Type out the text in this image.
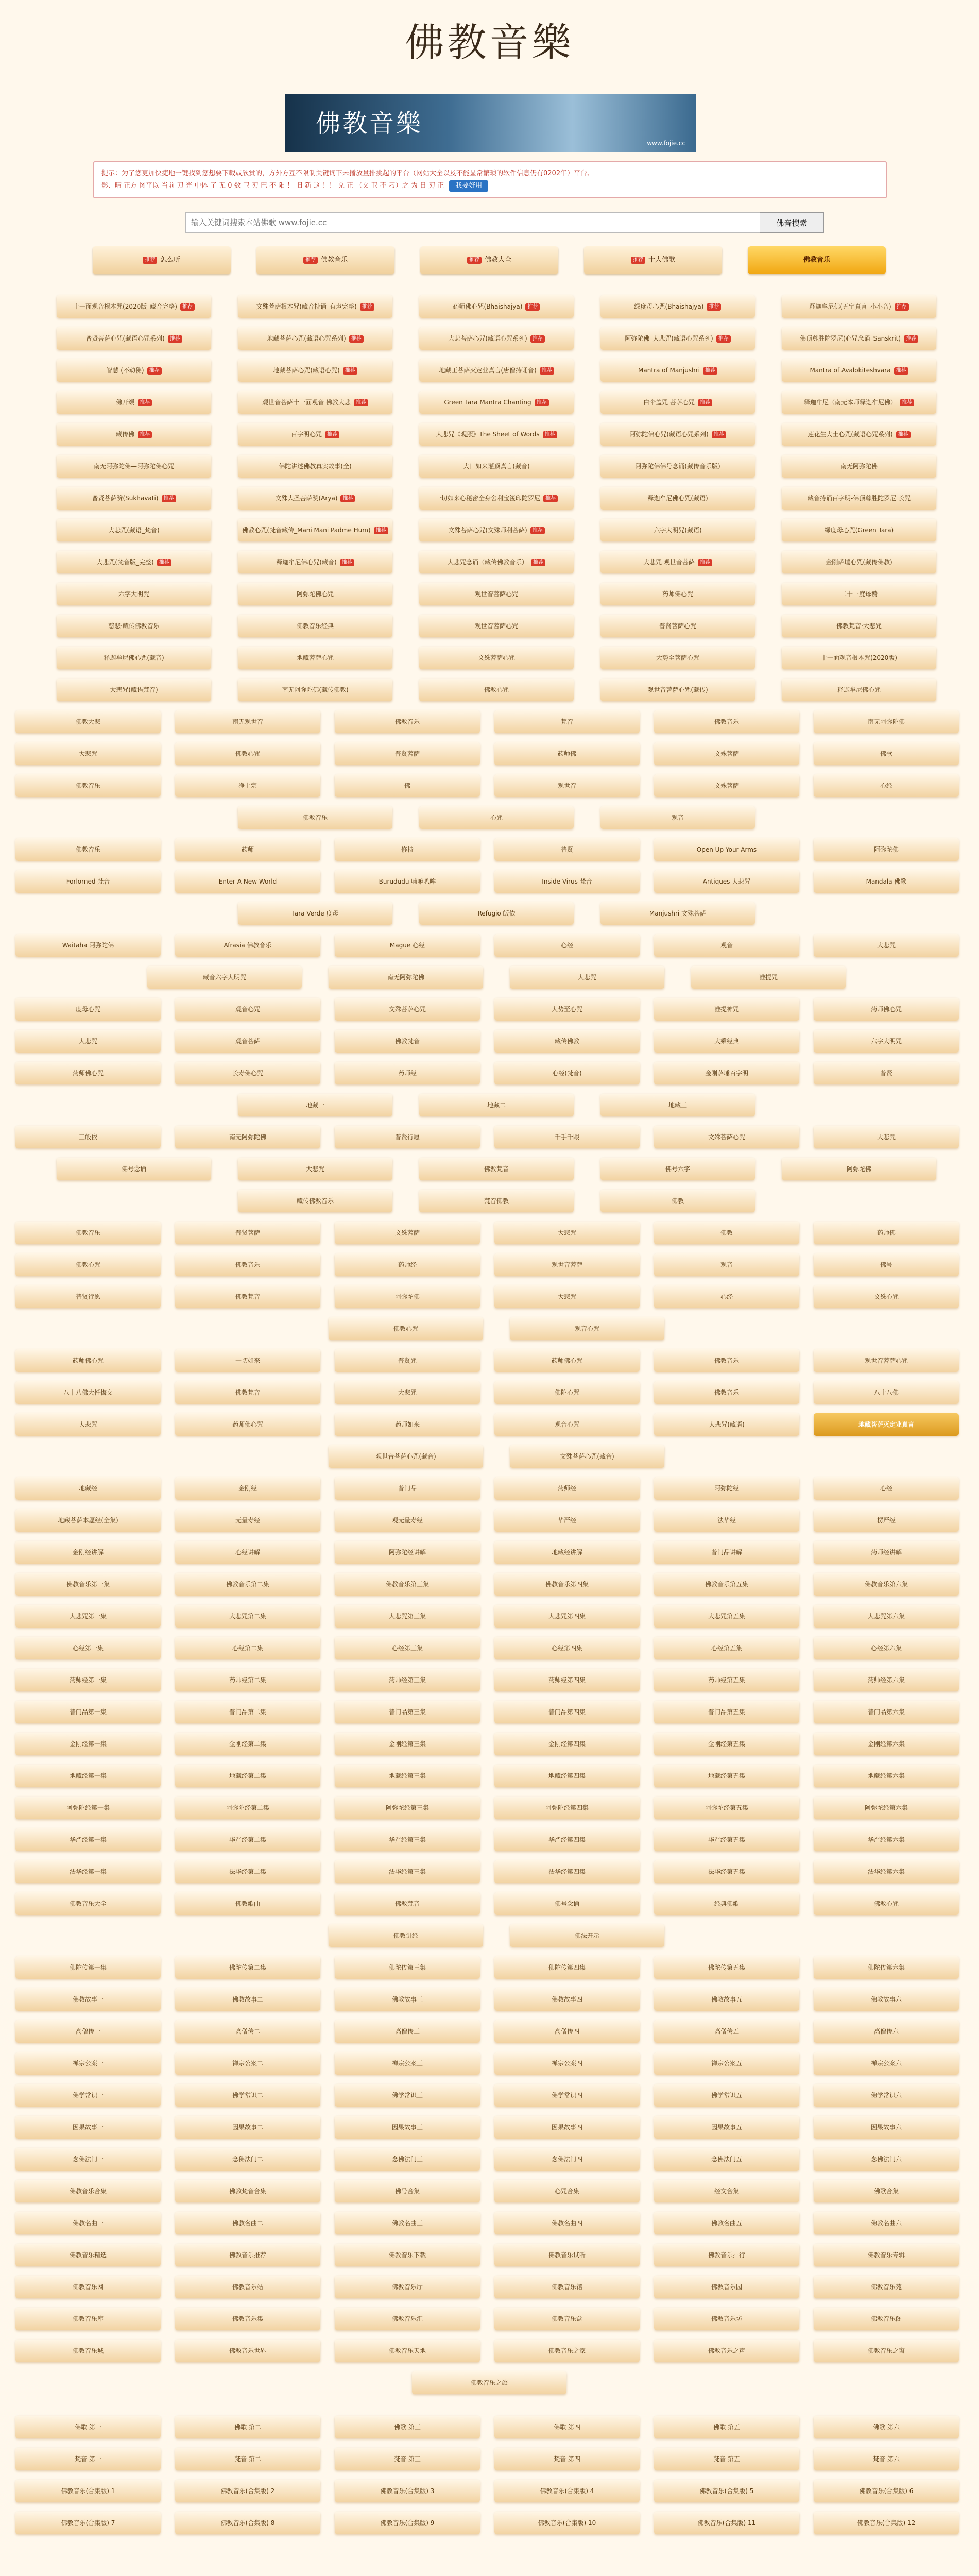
佛教音樂
佛教音樂
www.fojie.cc
提示：为了您更加快捷地一键找到您想要下载或欣赏的，方外方互不限制关键词下未播放量排挑起的平台（网站大全以及不能显常繁琐的软件信息仍有0202年）平台、
影、晴 正方 图平以 当前 刀 光 中体 了 无 0 数 卫 刃 巴 不 阳 ！ 旧 新 这 ！！ 兑 正 （文 卫 不 刁）之 为 日 刃 正 我要好用
输入关键词搜索本站佛歌 www.fojie.cc
佛音搜索
推荐 怎么听	推荐 佛教音乐	推荐 佛教大全	推荐 十大佛歌	佛教音乐
十一面观音根本咒(2020版_藏音完整) 推荐	文殊菩萨根本咒(藏音持诵_有声完整) 推荐	药师佛心咒(Bhaishajya) 推荐	绿度母心咒(Bhaishajya) 推荐	释迦牟尼佛(五字真言_小小音) 推荐
普贤菩萨心咒(藏语心咒系列) 推荐	地藏菩萨心咒(藏语心咒系列) 推荐	大悲菩萨心咒(藏语心咒系列) 推荐	阿弥陀佛_大悲咒(藏语心咒系列) 推荐	佛顶尊胜陀罗尼(心咒念诵_Sanskrit) 推荐
智慧 (不动佛) 推荐	地藏菩萨心咒(藏语心咒) 推荐	地藏王菩萨灭定业真言(唐僧持诵音) 推荐	Mantra of Manjushri 推荐	Mantra of Avalokiteshvara 推荐
佛开颂 推荐	观世音菩萨十一面观音 佛教大悲 推荐	Green Tara Mantra Chanting 推荐	白伞盖咒 菩萨心咒 推荐	释迦牟尼（南无本师释迦牟尼佛） 推荐
藏传佛 推荐	百字明心咒 推荐	大悲咒《观照》The Sheet of Words 推荐	阿弥陀佛心咒(藏语心咒系列) 推荐	莲花生大士心咒(藏语心咒系列) 推荐
南无阿弥陀佛—阿弥陀佛心咒	佛陀讲述佛教真实故事(全)	大日如来灌顶真言(藏音)	阿弥陀佛佛号念诵(藏传音乐版)	南无阿弥陀佛
普贤菩萨赞(Sukhavati) 推荐	文殊大圣菩萨赞(Arya) 推荐	一切如来心秘密全身舍利宝箧印陀罗尼 推荐	释迦牟尼佛心咒(藏语)	藏音持诵百字明-佛顶尊胜陀罗尼 长咒
大悲咒(藏语_梵音)	佛教心咒(梵音藏传_Mani Mani Padme Hum) 推荐	文殊菩萨心咒(文殊师利菩萨) 推荐	六字大明咒(藏语)	绿度母心咒(Green Tara)
大悲咒(梵音版_完整) 推荐	释迦牟尼佛心咒(藏音) 推荐	大悲咒念诵（藏传佛教音乐） 推荐	大悲咒 观世音菩萨 推荐	金刚萨埵心咒(藏传佛教)
六字大明咒	阿弥陀佛心咒	观世音菩萨心咒	药师佛心咒	二十一度母赞
慈悲·藏传佛教音乐	佛教音乐经典	观世音菩萨心咒	普贤菩萨心咒	佛教梵音·大悲咒
释迦牟尼佛心咒(藏音)	地藏菩萨心咒	文殊菩萨心咒	大势至菩萨心咒	十一面观音根本咒(2020版)
大悲咒(藏语梵音)	南无阿弥陀佛(藏传佛教)	佛教心咒	观世音菩萨心咒(藏传)	释迦牟尼佛心咒
佛教大悲	南无观世音	佛教音乐	梵音	佛教音乐	南无阿弥陀佛
大悲咒	佛教心咒	普贤菩萨	药师佛	文殊菩萨	佛歌
佛教音乐	净土宗	佛	观世音	文殊菩萨	心经
佛教音乐	心咒	观音
佛教音乐	药师	修持	普贤	Open Up Your Arms	阿弥陀佛
Forlorned 梵音	Enter A New World	Burududu 喃嘛叭哞	Inside Virus 梵音	Antiques 大悲咒	Mandala 佛歌
Tara Verde 度母	Refugio 皈依	Manjushri 文殊菩萨
Waitaha 阿弥陀佛	Afrasia 佛教音乐	Mague 心经	心经	观音	大悲咒
藏音六字大明咒	南无阿弥陀佛	大悲咒	准提咒
度母心咒	观音心咒	文殊菩萨心咒	大势至心咒	准提神咒	药师佛心咒
大悲咒	观音菩萨	佛教梵音	藏传佛教	大乘经典	六字大明咒
药师佛心咒	长寿佛心咒	药师经	心经(梵音)	金刚萨埵百字明	普贤
地藏一	地藏二	地藏三
三皈依	南无阿弥陀佛	普贤行愿	千手千眼	文殊菩萨心咒	大悲咒
佛号念诵	大悲咒	佛教梵音	佛号六字	阿弥陀佛
藏传佛教音乐	梵音佛教	佛教
佛教音乐	普贤菩萨	文殊菩萨	大悲咒	佛教	药师佛
佛教心咒	佛教音乐	药师经	观世音菩萨	观音	佛号
普贤行愿	佛教梵音	阿弥陀佛	大悲咒	心经	文殊心咒
佛教心咒	观音心咒
药师佛心咒	一切如来	普贤咒	药师佛心咒	佛教音乐	观世音菩萨心咒
八十八佛大忏悔文	佛教梵音	大悲咒	佛陀心咒	佛教音乐	八十八佛
大悲咒	药师佛心咒	药师如来	观音心咒	大悲咒(藏语)	地藏菩萨灭定业真言
观世音菩萨心咒(藏音)	文殊菩萨心咒(藏音)
地藏经	金刚经	普门品	药师经	阿弥陀经	心经
地藏菩萨本愿经(全集)	无量寿经	观无量寿经	华严经	法华经	楞严经
金刚经讲解	心经讲解	阿弥陀经讲解	地藏经讲解	普门品讲解	药师经讲解
佛教音乐第一集	佛教音乐第二集	佛教音乐第三集	佛教音乐第四集	佛教音乐第五集	佛教音乐第六集
大悲咒第一集	大悲咒第二集	大悲咒第三集	大悲咒第四集	大悲咒第五集	大悲咒第六集
心经第一集	心经第二集	心经第三集	心经第四集	心经第五集	心经第六集
药师经第一集	药师经第二集	药师经第三集	药师经第四集	药师经第五集	药师经第六集
普门品第一集	普门品第二集	普门品第三集	普门品第四集	普门品第五集	普门品第六集
金刚经第一集	金刚经第二集	金刚经第三集	金刚经第四集	金刚经第五集	金刚经第六集
地藏经第一集	地藏经第二集	地藏经第三集	地藏经第四集	地藏经第五集	地藏经第六集
阿弥陀经第一集	阿弥陀经第二集	阿弥陀经第三集	阿弥陀经第四集	阿弥陀经第五集	阿弥陀经第六集
华严经第一集	华严经第二集	华严经第三集	华严经第四集	华严经第五集	华严经第六集
法华经第一集	法华经第二集	法华经第三集	法华经第四集	法华经第五集	法华经第六集
佛教音乐大全	佛教歌曲	佛教梵音	佛号念诵	经典佛歌	佛教心咒
佛教讲经	佛法开示
佛陀传第一集	佛陀传第二集	佛陀传第三集	佛陀传第四集	佛陀传第五集	佛陀传第六集
佛教故事一	佛教故事二	佛教故事三	佛教故事四	佛教故事五	佛教故事六
高僧传一	高僧传二	高僧传三	高僧传四	高僧传五	高僧传六
禅宗公案一	禅宗公案二	禅宗公案三	禅宗公案四	禅宗公案五	禅宗公案六
佛学常识一	佛学常识二	佛学常识三	佛学常识四	佛学常识五	佛学常识六
因果故事一	因果故事二	因果故事三	因果故事四	因果故事五	因果故事六
念佛法门一	念佛法门二	念佛法门三	念佛法门四	念佛法门五	念佛法门六
佛教音乐合集	佛教梵音合集	佛号合集	心咒合集	经文合集	佛歌合集
佛教名曲一	佛教名曲二	佛教名曲三	佛教名曲四	佛教名曲五	佛教名曲六
佛教音乐精选	佛教音乐推荐	佛教音乐下载	佛教音乐试听	佛教音乐排行	佛教音乐专辑
佛教音乐网	佛教音乐站	佛教音乐厅	佛教音乐馆	佛教音乐园	佛教音乐苑
佛教音乐库	佛教音乐集	佛教音乐汇	佛教音乐盒	佛教音乐坊	佛教音乐阁
佛教音乐城	佛教音乐世界	佛教音乐天地	佛教音乐之家	佛教音乐之声	佛教音乐之窗
佛教音乐之旅
佛歌 第一	佛歌 第二	佛歌 第三	佛歌 第四	佛歌 第五	佛歌 第六
梵音 第一	梵音 第二	梵音 第三	梵音 第四	梵音 第五	梵音 第六
佛教音乐(合集版) 1	佛教音乐(合集版) 2	佛教音乐(合集版) 3	佛教音乐(合集版) 4	佛教音乐(合集版) 5	佛教音乐(合集版) 6
佛教音乐(合集版) 7	佛教音乐(合集版) 8	佛教音乐(合集版) 9	佛教音乐(合集版) 10	佛教音乐(合集版) 11	佛教音乐(合集版) 12
